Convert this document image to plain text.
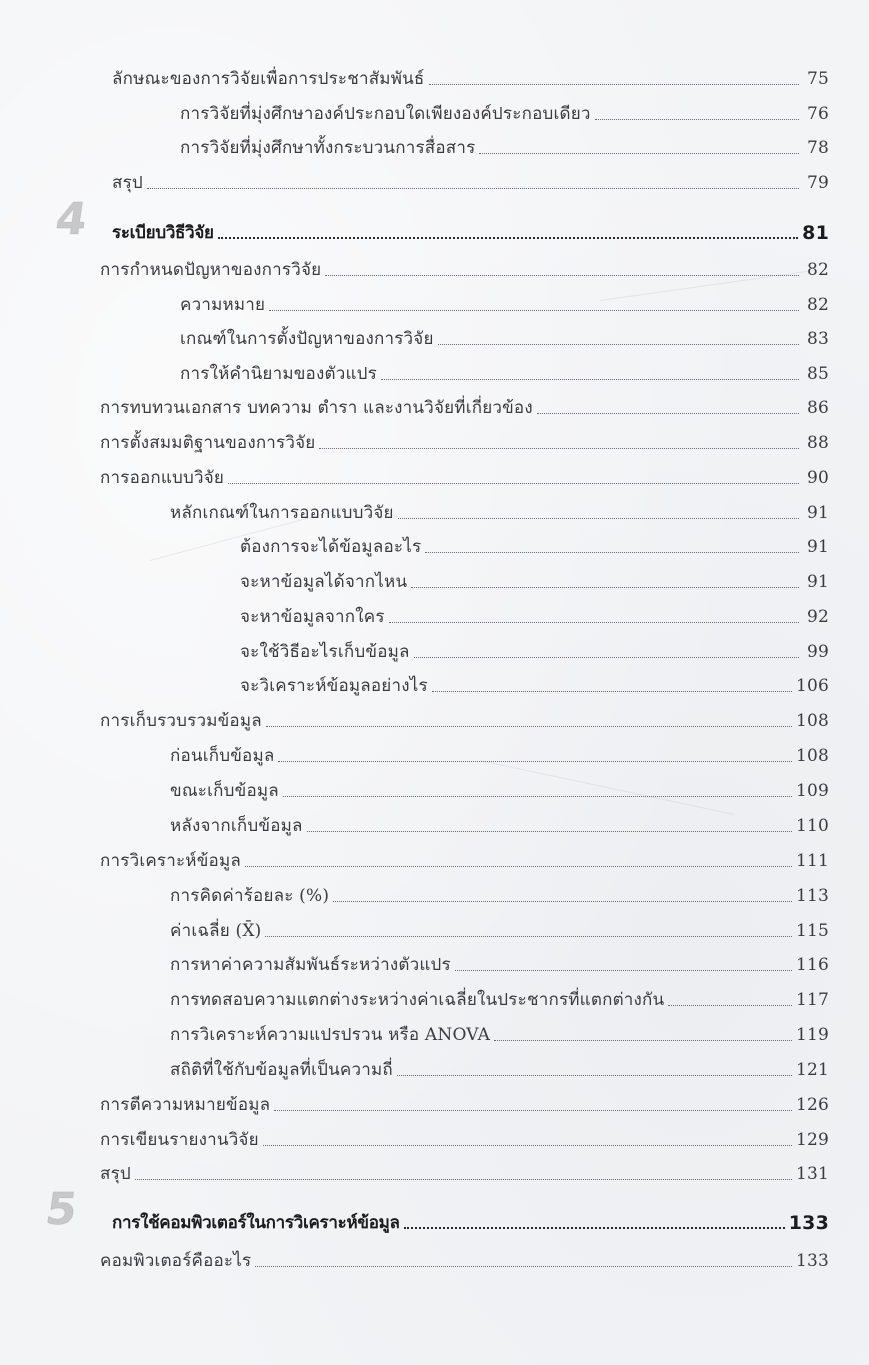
ลักษณะของการวิจัยเพื่อการประชาสัมพันธ์	75
การวิจัยที่มุ่งศึกษาองค์ประกอบใดเพียงองค์ประกอบเดียว	76
การวิจัยที่มุ่งศึกษาทั้งกระบวนการสื่อสาร	78
สรุป	79
4 ระเบียบวิธีวิจัย	81
การกำหนดปัญหาของการวิจัย	82
ความหมาย	82
เกณฑ์ในการตั้งปัญหาของการวิจัย	83
การให้คำนิยามของตัวแปร	85
การทบทวนเอกสาร บทความ ตำรา และงานวิจัยที่เกี่ยวข้อง	86
การตั้งสมมติฐานของการวิจัย	88
การออกแบบวิจัย	90
หลักเกณฑ์ในการออกแบบวิจัย	91
ต้องการจะได้ข้อมูลอะไร	91
จะหาข้อมูลได้จากไหน	91
จะหาข้อมูลจากใคร	92
จะใช้วิธีอะไรเก็บข้อมูล	99
จะวิเคราะห์ข้อมูลอย่างไร	106
การเก็บรวบรวมข้อมูล	108
ก่อนเก็บข้อมูล	108
ขณะเก็บข้อมูล	109
หลังจากเก็บข้อมูล	110
การวิเคราะห์ข้อมูล	111
การคิดค่าร้อยละ (%)	113
ค่าเฉลี่ย (X̄)	115
การหาค่าความสัมพันธ์ระหว่างตัวแปร	116
การทดสอบความแตกต่างระหว่างค่าเฉลี่ยในประชากรที่แตกต่างกัน	117
การวิเคราะห์ความแปรปรวน หรือ ANOVA	119
สถิติที่ใช้กับข้อมูลที่เป็นความถี่	121
การตีความหมายข้อมูล	126
การเขียนรายงานวิจัย	129
สรุป	131
5 การใช้คอมพิวเตอร์ในการวิเคราะห์ข้อมูล	133
คอมพิวเตอร์คืออะไร	133
